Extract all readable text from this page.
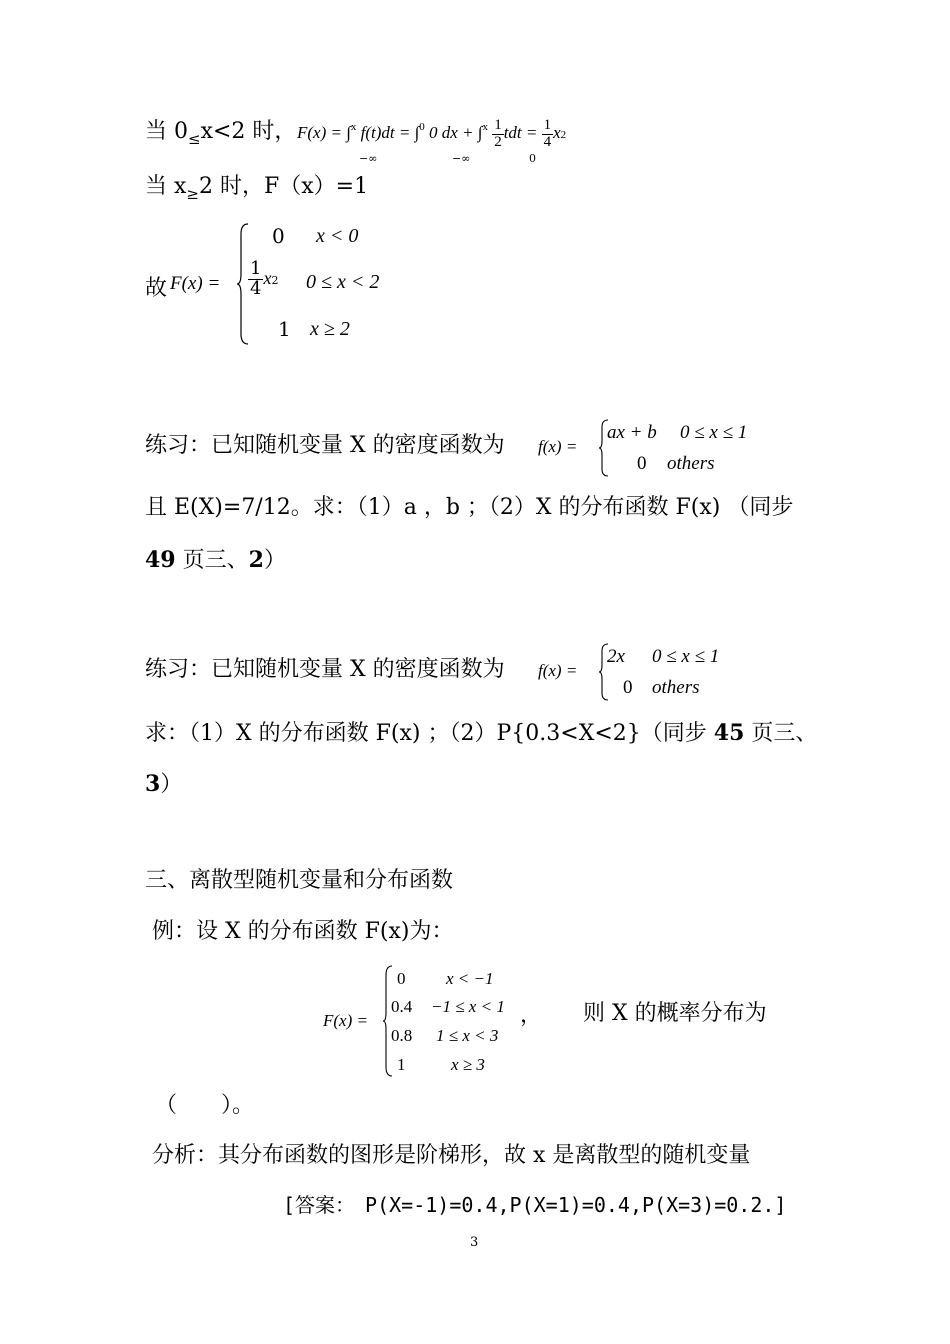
当 $0_\le x<2$ 时， F(x) = ∫$^x$ f(t)dt = ∫$^0$ 0 dx + $\int^x \frac{1}{2}$ tdt = $\frac{1}{4} x2$
−∞	−∞	0
当 $x_\ge 2$ 时，F（x）=1
故 F(x) =
0 x < 0
$\frac{1}{4} x2$ 0 ≤ x < 2
1 x ≥ 2
练习：已知随机变量 X 的密度函数为 f(x) =
ax + b 0 ≤ x ≤ 1
0 others
且 E(X)=7/12。求：（1）a ，b ；（2）X 的分布函数 F(x) （同步
49 页三、2）
练习：已知随机变量 X 的密度函数为 f(x) =
2x 0 ≤ x ≤ 1
0 others
求：（1）X 的分布函数 F(x) ；（2）P{0.3<X<2}（同步 45 页三、
3）
三、离散型随机变量和分布函数
例：设 X 的分布函数 F(x)为：
F(x) =
0 x < −1
0.4 −1 ≤ x < 1
0.8 1 ≤ x < 3
1	x ≥ 3
， 则 X 的概率分布为
（　　）。
分析：其分布函数的图形是阶梯形，故 x 是离散型的随机变量
[答案：　P(X=-1)=0.4,P(X=1)=0.4,P(X=3)=0.2.]
3
